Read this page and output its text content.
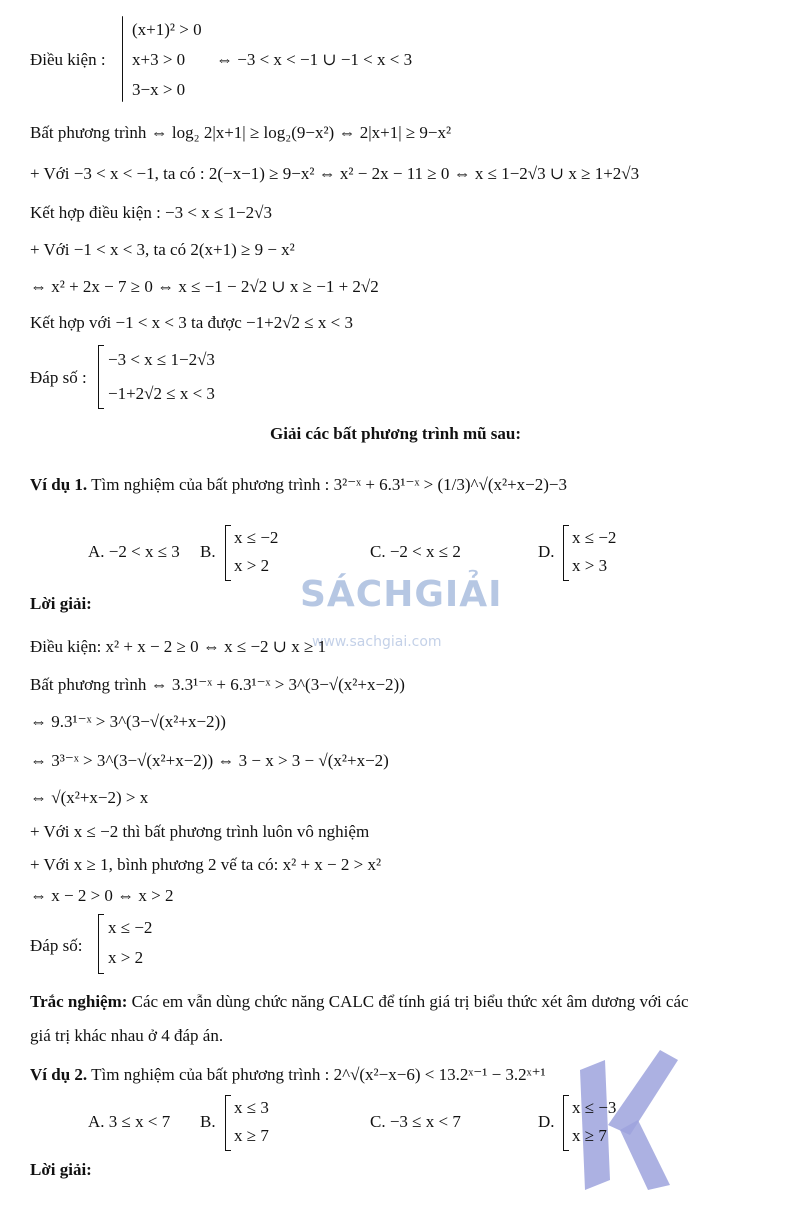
SÁCHGIẢI
www.sachgiai.com
Điều kiện :
(x+1)² > 0
x+3 > 0
3−x > 0
⇔ −3 < x < −1 ∪ −1 < x < 3
Bất phương trình ⇔ log₂ 2|x+1| ≥ log₂(9−x²) ⇔ 2|x+1| ≥ 9−x²
+ Với −3 < x < −1, ta có : 2(−x−1) ≥ 9−x² ⇔ x² − 2x − 11 ≥ 0 ⇔ x ≤ 1−2√3 ∪ x ≥ 1+2√3
Kết hợp điều kiện : −3 < x ≤ 1−2√3
+ Với −1 < x < 3, ta có 2(x+1) ≥ 9 − x²
⇔ x² + 2x − 7 ≥ 0 ⇔ x ≤ −1 − 2√2 ∪ x ≥ −1 + 2√2
Kết hợp với −1 < x < 3 ta được −1+2√2 ≤ x < 3
Đáp số :
−3 < x ≤ 1−2√3
−1+2√2 ≤ x < 3
Giải các bất phương trình mũ sau:
Ví dụ 1. Tìm nghiệm của bất phương trình : 3²⁻ˣ + 6.3¹⁻ˣ > (1/3)^√(x²+x−2)−3
A. −2 < x ≤ 3 B.
x ≤ −2
x > 2
C. −2 < x ≤ 2	D.
x ≤ −2
x > 3
Lời giải:
Điều kiện: x² + x − 2 ≥ 0 ⇔ x ≤ −2 ∪ x ≥ 1
Bất phương trình ⇔ 3.3¹⁻ˣ + 6.3¹⁻ˣ > 3^(3−√(x²+x−2))
⇔ 9.3¹⁻ˣ > 3^(3−√(x²+x−2))
⇔ 3³⁻ˣ > 3^(3−√(x²+x−2)) ⇔ 3 − x > 3 − √(x²+x−2)
⇔ √(x²+x−2) > x
+ Với x ≤ −2 thì bất phương trình luôn vô nghiệm
+ Với x ≥ 1, bình phương 2 vế ta có: x² + x − 2 > x²
⇔ x − 2 > 0 ⇔ x > 2
Đáp số:
x ≤ −2
x > 2
Trắc nghiệm: Các em vẫn dùng chức năng CALC để tính giá trị biểu thức xét âm dương với các
giá trị khác nhau ở 4 đáp án.
Ví dụ 2. Tìm nghiệm của bất phương trình : 2^√(x²−x−6) < 13.2ˣ⁻¹ − 3.2ˣ⁺¹
A. 3 ≤ x < 7 B.
x ≤ 3
x ≥ 7
C. −3 ≤ x < 7	D.
x ≤ −3
x ≥ 7
Lời giải:
